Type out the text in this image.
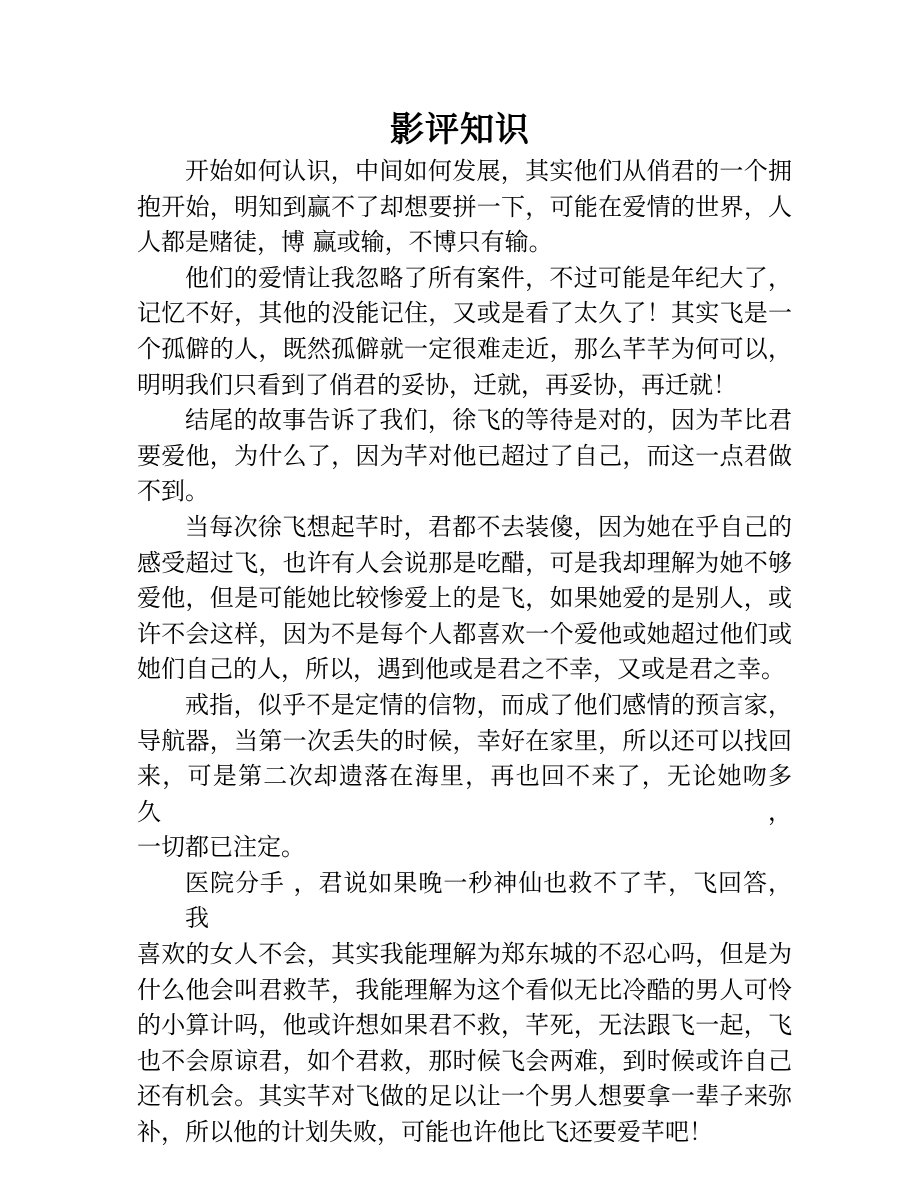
影评知识
开始如何认识，中间如何发展，其实他们从俏君的一个拥
抱开始，明知到赢不了却想要拼一下，可能在爱情的世界，人
人都是赌徒，博 赢或输，不博只有输。
他们的爱情让我忽略了所有案件，不过可能是年纪大了，
记忆不好，其他的没能记住，又或是看了太久了！其实飞是一
个孤僻的人，既然孤僻就一定很难走近，那么芊芊为何可以，
明明我们只看到了俏君的妥协，迁就，再妥协，再迁就！
结尾的故事告诉了我们，徐飞的等待是对的，因为芊比君
要爱他，为什么了，因为芊对他已超过了自己，而这一点君做
不到。
当每次徐飞想起芊时，君都不去装傻，因为她在乎自己的
感受超过飞，也许有人会说那是吃醋，可是我却理解为她不够
爱他，但是可能她比较惨爱上的是飞，如果她爱的是别人，或
许不会这样，因为不是每个人都喜欢一个爱他或她超过他们或
她们自己的人，所以，遇到他或是君之不幸，又或是君之幸。
戒指，似乎不是定情的信物，而成了他们感情的预言家，
导航器，当第一次丢失的时候，幸好在家里，所以还可以找回
来，可是第二次却遗落在海里，再也回不来了，无论她吻多久，
一切都已注定。
医院分手 ，君说如果晚一秒神仙也救不了芊，飞回答，我
喜欢的女人不会，其实我能理解为郑东城的不忍心吗，但是为
什么他会叫君救芊，我能理解为这个看似无比冷酷的男人可怜
的小算计吗，他或许想如果君不救，芊死，无法跟飞一起，飞
也不会原谅君，如个君救，那时候飞会两难，到时候或许自己
还有机会。其实芊对飞做的足以让一个男人想要拿一辈子来弥
补，所以他的计划失败，可能也许他比飞还要爱芊吧！
